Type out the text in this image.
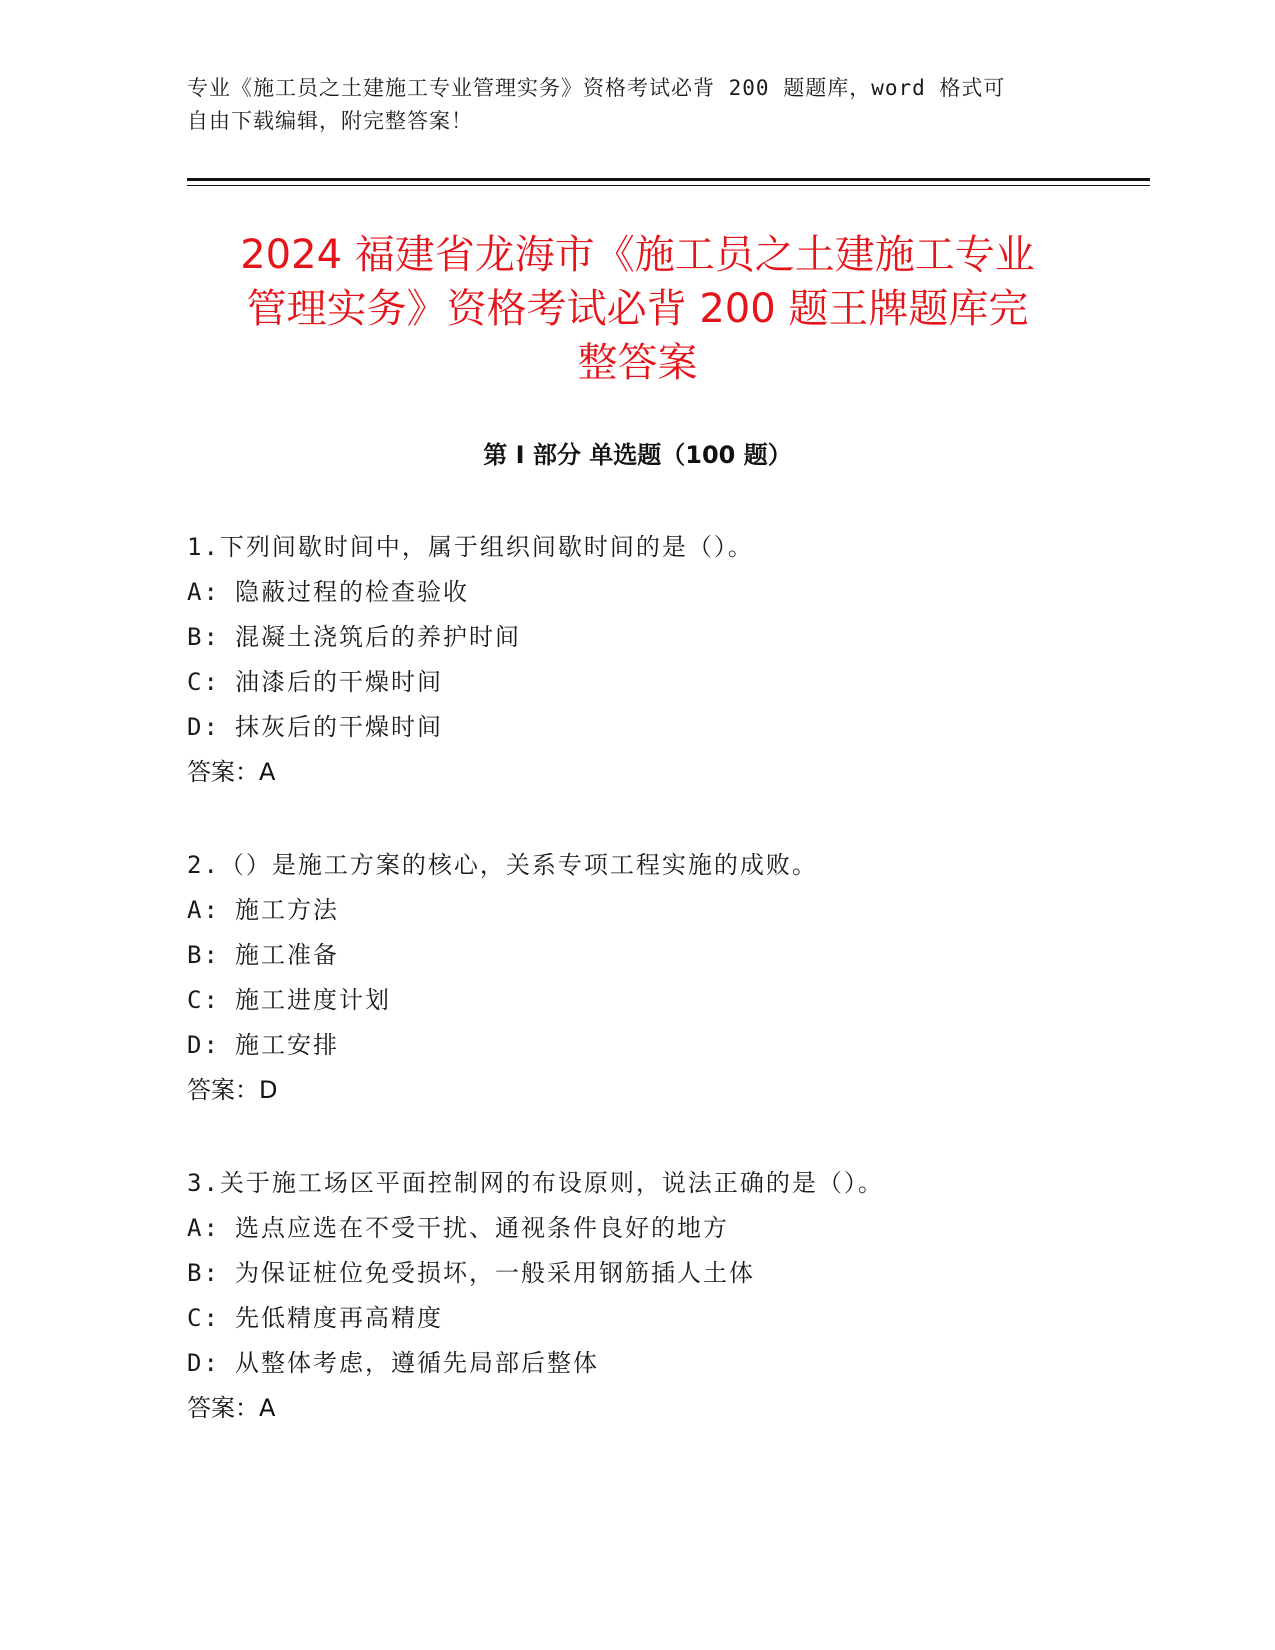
专业《施工员之土建施工专业管理实务》资格考试必背 200 题题库，word 格式可
自由下载编辑，附完整答案！
2024 福建省龙海市《施工员之土建施工专业
管理实务》资格考试必背 200 题王牌题库完
整答案
第 I 部分 单选题（100 题）
1.下列间歇时间中，属于组织间歇时间的是（）。
A: 隐蔽过程的检查验收
B: 混凝土浇筑后的养护时间
C: 油漆后的干燥时间
D: 抹灰后的干燥时间
答案：A
2.（）是施工方案的核心，关系专项工程实施的成败。
A: 施工方法
B: 施工准备
C: 施工进度计划
D: 施工安排
答案：D
3.关于施工场区平面控制网的布设原则，说法正确的是（）。
A: 选点应选在不受干扰、通视条件良好的地方
B: 为保证桩位免受损坏，一般采用钢筋插人土体
C: 先低精度再高精度
D: 从整体考虑，遵循先局部后整体
答案：A
